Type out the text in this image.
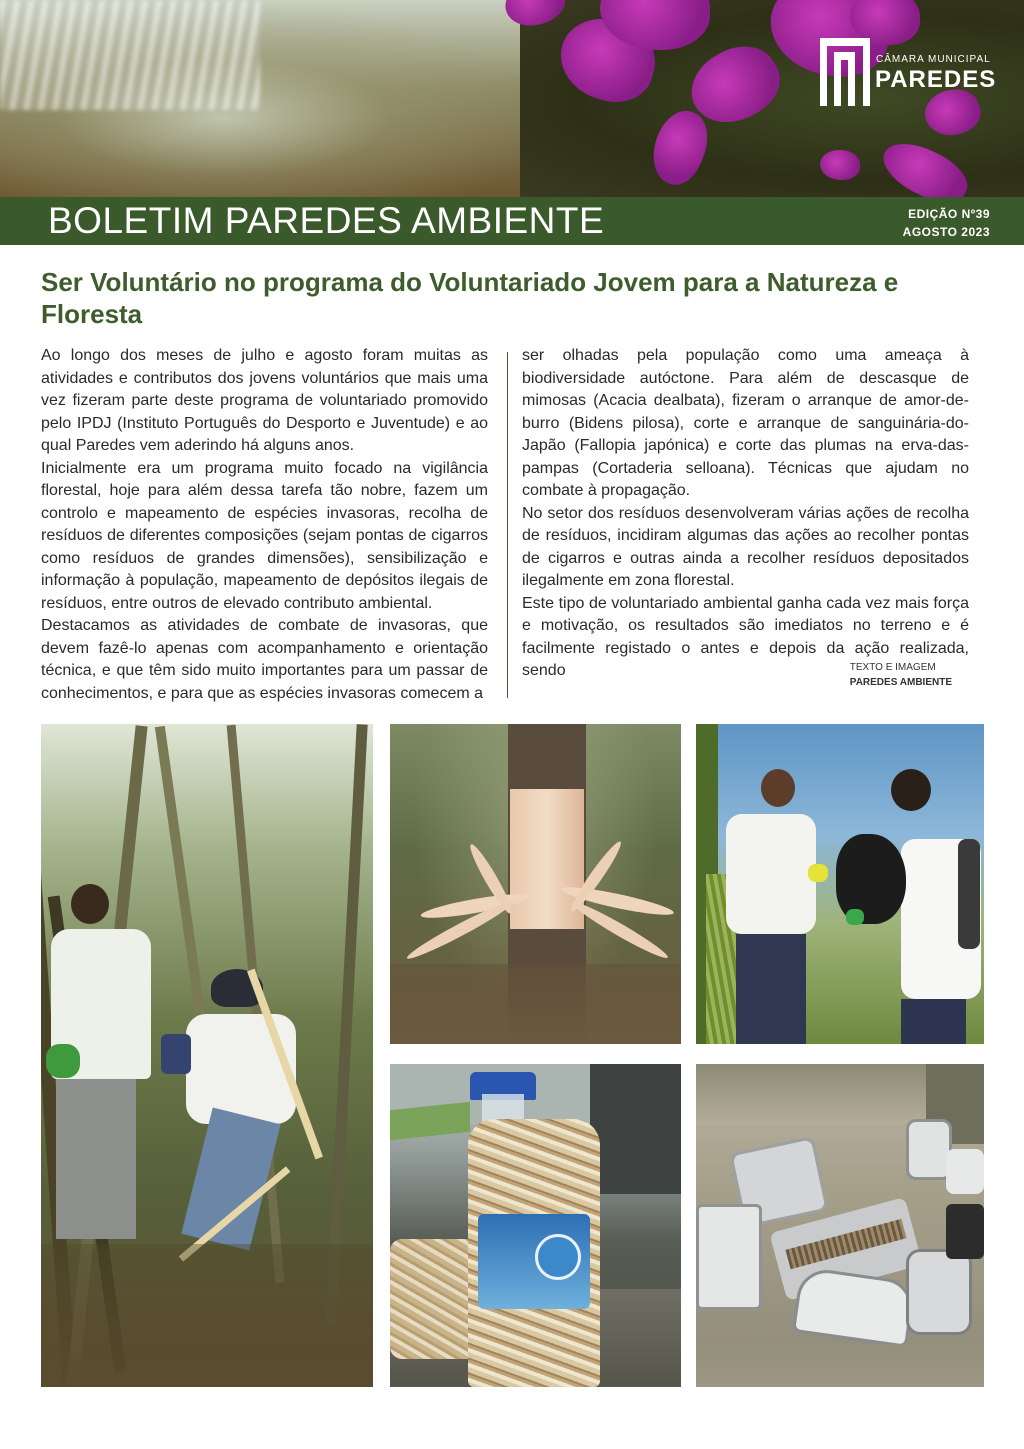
CÂMARA MUNICIPAL
PAREDES
BOLETIM PAREDES AMBIENTE	EDIÇÃO Nº39
AGOSTO 2023
Ser Voluntário no programa do Voluntariado Jovem para a Natureza e Floresta

Ao longo dos meses de julho e agosto foram muitas as atividades e contributos dos jovens voluntários que mais uma vez fizeram parte deste programa de voluntariado promovido pelo IPDJ (Instituto Português do Desporto e Juventude) e ao qual Paredes vem aderindo há alguns anos.

Inicialmente era um programa muito focado na vigilância florestal, hoje para além dessa tarefa tão nobre, fazem um controlo e mapeamento de espécies invasoras, recolha de resíduos de diferentes composições (sejam pontas de cigarros como resíduos de grandes dimensões), sensibilização e informação à população, mapeamento de depósitos ilegais de resíduos, entre outros de elevado contributo ambiental.

Destacamos as atividades de combate de invasoras, que devem fazê-lo apenas com acompanhamento e orientação técnica, e que têm sido muito importantes para um passar de conhecimentos, e para que as espécies invasoras comecem a

ser olhadas pela população como uma ameaça à biodiversidade autóctone. Para além de descasque de mimosas (Acacia dealbata), fizeram o arranque de amor-de-burro (Bidens pilosa), corte e arranque de sanguinária-do-Japão (Fallopia japónica) e corte das plumas na erva-das-pampas (Cortaderia selloana). Técnicas que ajudam no combate à propagação.

No setor dos resíduos desenvolveram várias ações de recolha de resíduos, incidiram algumas das ações ao recolher pontas de cigarros e outras ainda a recolher resíduos depositados ilegalmente em zona florestal.

Este tipo de voluntariado ambiental ganha cada vez mais força e motivação, os resultados são imediatos no terreno e é facilmente registado o antes e depois da ação realizada, sendo	TEXTO E IMAGEM
PAREDES AMBIENTE
